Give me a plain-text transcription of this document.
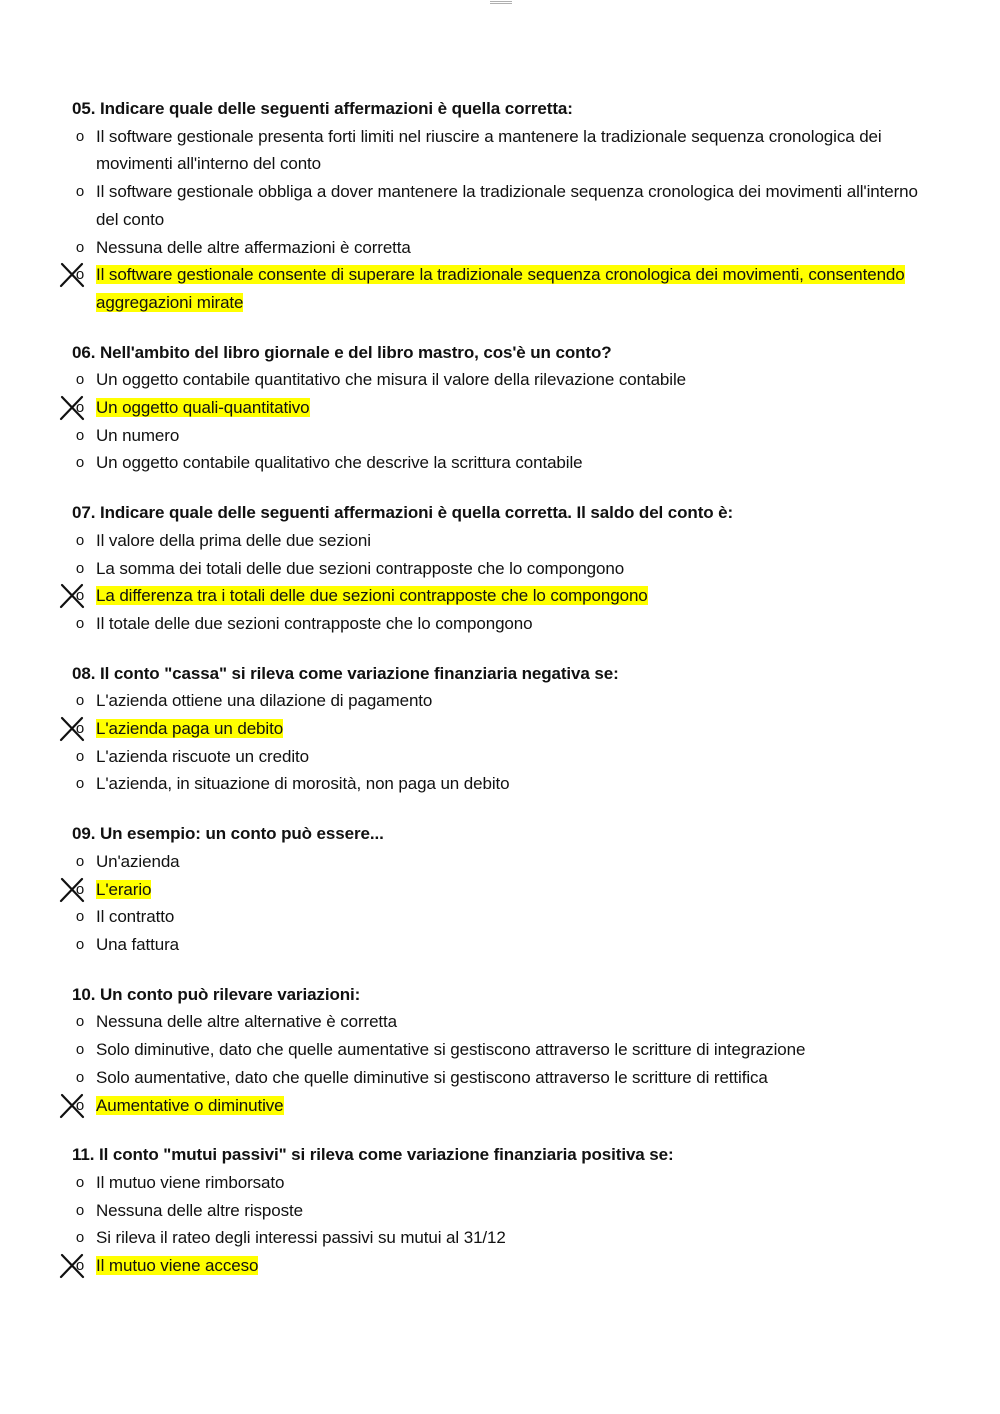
05. Indicare quale delle seguenti affermazioni è quella corretta:

o Il software gestionale presenta forti limiti nel riuscire a mantenere la tradizionale sequenza cronologica dei movimenti all'interno del conto
o Il software gestionale obbliga a dover mantenere la tradizionale sequenza cronologica dei movimenti all'interno del conto
o Nessuna delle altre affermazioni è corretta
o Il software gestionale consente di superare la tradizionale sequenza cronologica dei movimenti, consentendo aggregazioni mirate

06. Nell'ambito del libro giornale e del libro mastro, cos'è un conto?

o Un oggetto contabile quantitativo che misura il valore della rilevazione contabile
o Un oggetto quali-quantitativo
o Un numero
o Un oggetto contabile qualitativo che descrive la scrittura contabile

07. Indicare quale delle seguenti affermazioni è quella corretta. Il saldo del conto è:

o Il valore della prima delle due sezioni
o La somma dei totali delle due sezioni contrapposte che lo compongono
o La differenza tra i totali delle due sezioni contrapposte che lo compongono
o Il totale delle due sezioni contrapposte che lo compongono

08. Il conto "cassa" si rileva come variazione finanziaria negativa se:

o L'azienda ottiene una dilazione di pagamento
o L'azienda paga un debito
o L'azienda riscuote un credito
o L'azienda, in situazione di morosità, non paga un debito

09. Un esempio: un conto può essere...

o Un'azienda
o L'erario
o Il contratto
o Una fattura

10. Un conto può rilevare variazioni:

o Nessuna delle altre alternative è corretta
o Solo diminutive, dato che quelle aumentative si gestiscono attraverso le scritture di integrazione
o Solo aumentative, dato che quelle diminutive si gestiscono attraverso le scritture di rettifica
o Aumentative o diminutive

11. Il conto "mutui passivi" si rileva come variazione finanziaria positiva se:

o Il mutuo viene rimborsato
o Nessuna delle altre risposte
o Si rileva il rateo degli interessi passivi su mutui al 31/12
o Il mutuo viene acceso
